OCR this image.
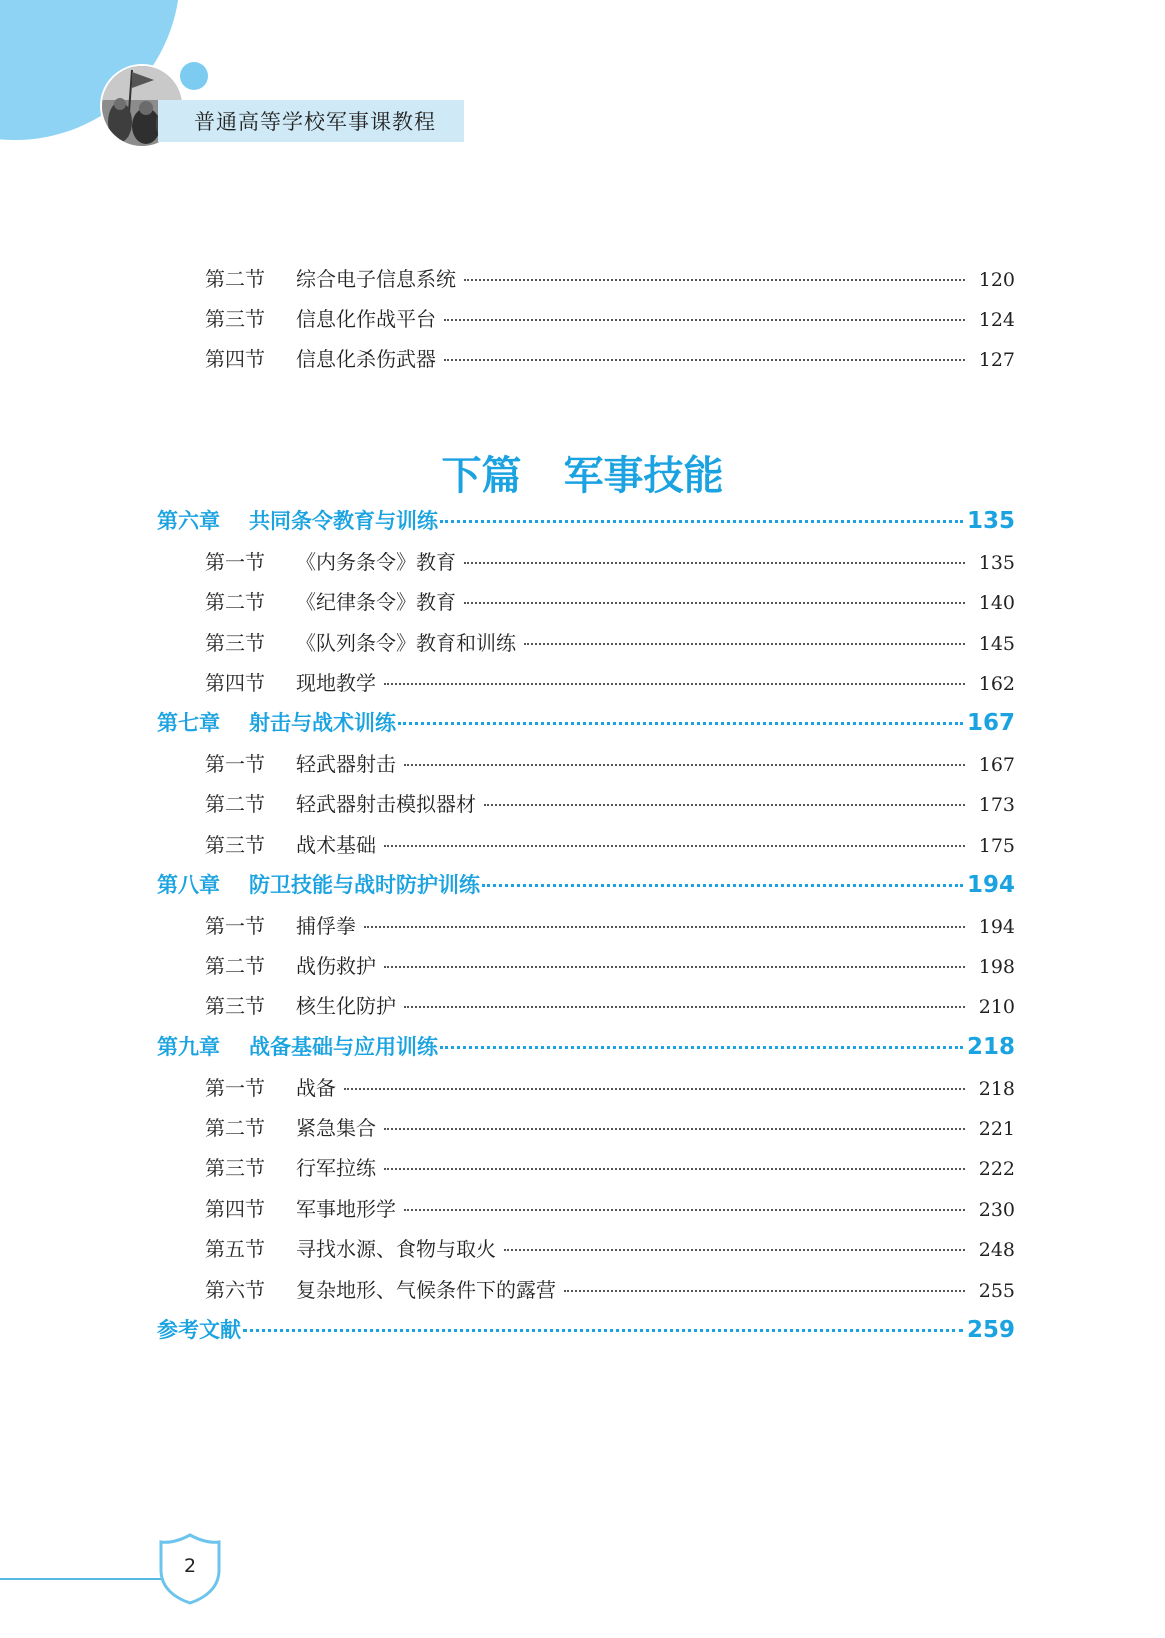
普通高等学校军事课教程
第二节	综合电子信息系统	120
第三节	信息化作战平台	124
第四节	信息化杀伤武器	127
下篇 军事技能
第六章	共同条令教育与训练	135
第一节	《内务条令》教育	135
第二节	《纪律条令》教育	140
第三节	《队列条令》教育和训练	145
第四节	现地教学	162
第七章	射击与战术训练	167
第一节	轻武器射击	167
第二节	轻武器射击模拟器材	173
第三节	战术基础	175
第八章	防卫技能与战时防护训练	194
第一节	捕俘拳	194
第二节	战伤救护	198
第三节	核生化防护	210
第九章	战备基础与应用训练	218
第一节	战备	218
第二节	紧急集合	221
第三节	行军拉练	222
第四节	军事地形学	230
第五节	寻找水源、食物与取火	248
第六节	复杂地形、气候条件下的露营	255
参考文献	259
2
